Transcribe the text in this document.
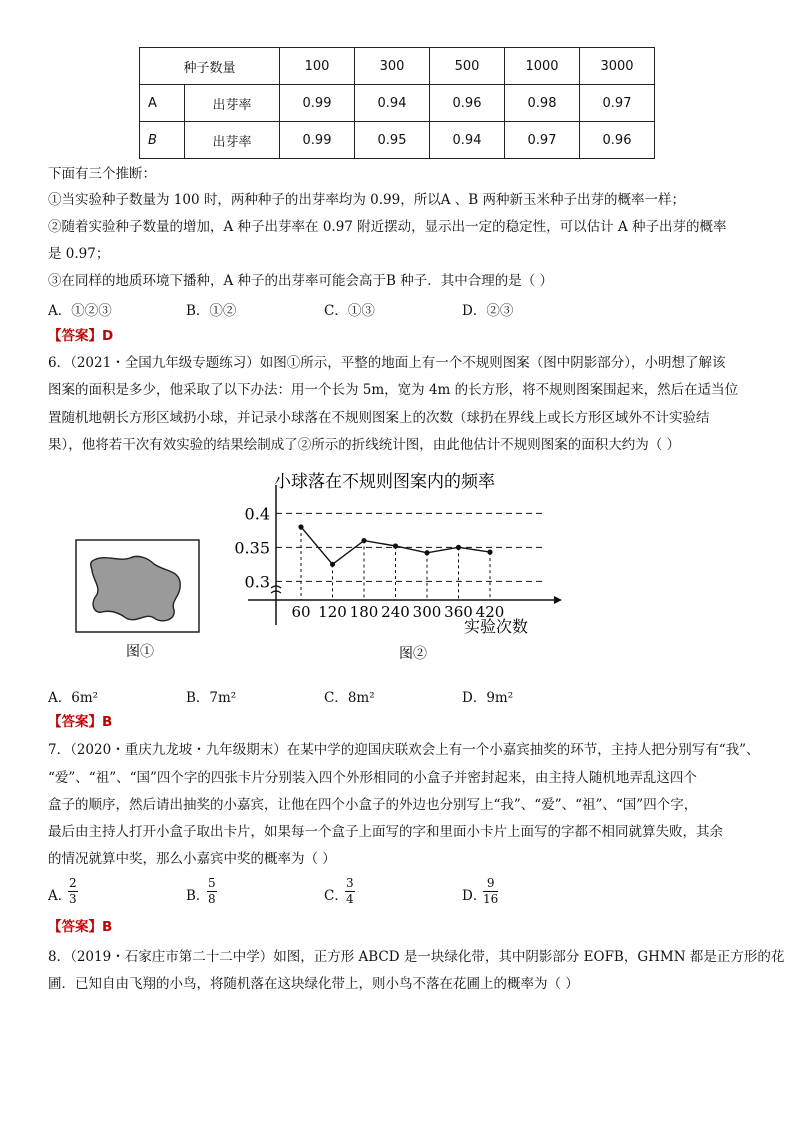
种子数量		100	300	500	1000	3000
A	出芽率	0.99	0.94	0.96	0.98	0.97
B	出芽率	0.99	0.95	0.94	0.97	0.96
下面有三个推断：
①当实验种子数量为 100 时，两种种子的出芽率均为 0.99，所以A 、B 两种新玉米种子出芽的概率一样；
②随着实验种子数量的增加，A 种子出芽率在 0.97 附近摆动，显示出一定的稳定性，可以估计 A 种子出芽的概率
是 0.97；
③在同样的地质环境下播种，A 种子的出芽率可能会高于B 种子．其中合理的是（ ）
A．①②③	B．①②	C．①③	D．②③
【答案】D
6．（2021・全国九年级专题练习）如图①所示，平整的地面上有一个不规则图案（图中阴影部分），小明想了解该
图案的面积是多少，他采取了以下办法：用一个长为 5m，宽为 4m 的长方形，将不规则图案围起来，然后在适当位
置随机地朝长方形区域扔小球，并记录小球落在不规则图案上的次数（球扔在界线上或长方形区域外不计实验结
果），他将若干次有效实验的结果绘制成了②所示的折线统计图，由此他估计不规则图案的面积大约为（ ）
图①
小球落在不规则图案内的频率
0.3
0.35
0.4
60 120 180 240 300 360 420
实验次数
图②
A．6m²	B．7m²	C．8m²	D．9m²
【答案】B
7．（2020・重庆九龙坡・九年级期末）在某中学的迎国庆联欢会上有一个小嘉宾抽奖的环节，主持人把分别写有“我”、
“爱”、“祖”、“国”四个字的四张卡片分别装入四个外形相同的小盒子并密封起来，由主持人随机地弄乱这四个
盒子的顺序，然后请出抽奖的小嘉宾，让他在四个小盒子的外边也分别写上“我”、“爱”、“祖”、“国”四个字，
最后由主持人打开小盒子取出卡片，如果每一个盒子上面写的字和里面小卡片上面写的字都不相同就算失败，其余
的情况就算中奖，那么小嘉宾中奖的概率为（ ）
A．
$\frac{2}{3}$	B．
$\frac{5}{8}$	C．
$\frac{3}{4}$	D．
$\frac{9}{16}$
【答案】B
8．（2019・石家庄市第二十二中学）如图，正方形 ABCD 是一块绿化带，其中阴影部分 EOFB，GHMN 都是正方形的花
圃．已知自由飞翔的小鸟，将随机落在这块绿化带上，则小鸟不落在花圃上的概率为（ ）
